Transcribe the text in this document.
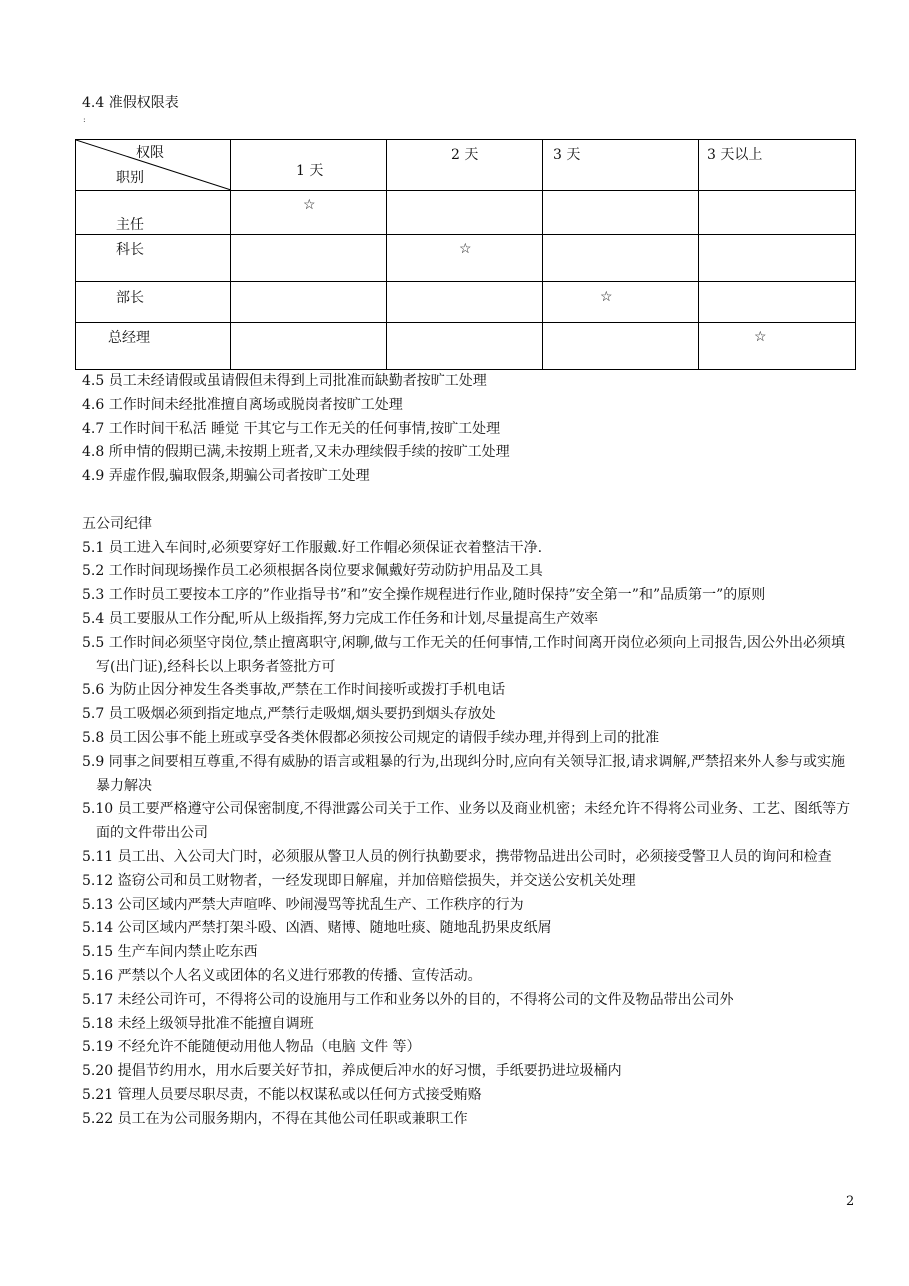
4.4 准假权限表
:
权限
职别	1 天	2 天	3 天	3 天以上

主任	☆			

科长		☆		

部长			☆	

总经理				☆
4.5 员工未经请假或虽请假但未得到上司批准而缺勤者按旷工处理
4.6 工作时间未经批准擅自离场或脱岗者按旷工处理
4.7 工作时间干私活 睡觉 干其它与工作无关的任何事情,按旷工处理
4.8 所申情的假期已满,未按期上班者,又未办理续假手续的按旷工处理
4.9 弄虚作假,骗取假条,期骗公司者按旷工处理
五公司纪律
5.1 员工进入车间时,必须要穿好工作服戴.好工作帽必须保证衣着整洁干净.
5.2 工作时间现场操作员工必须根据各岗位要求佩戴好劳动防护用品及工具
5.3 工作时员工要按本工序的”作业指导书”和”安全操作规程进行作业,随时保持”安全第一”和”品质第一”的原则
5.4 员工要服从工作分配,听从上级指挥,努力完成工作任务和计划,尽量提高生产效率
5.5 工作时间必须坚守岗位,禁止擅离职守,闲聊,做与工作无关的任何事情,工作时间离开岗位必须向上司报告,因公外出必须填写(出门证),经科长以上职务者签批方可
5.6 为防止因分神发生各类事故,严禁在工作时间接听或拨打手机电话
5.7 员工吸烟必须到指定地点,严禁行走吸烟,烟头要扔到烟头存放处
5.8 员工因公事不能上班或享受各类休假都必须按公司规定的请假手续办理,并得到上司的批准
5.9 同事之间要相互尊重,不得有威胁的语言或粗暴的行为,出现纠分时,应向有关领导汇报,请求调解,严禁招来外人参与或实施暴力解决
5.10 员工要严格遵守公司保密制度,不得泄露公司关于工作、业务以及商业机密；未经允许不得将公司业务、工艺、图纸等方面的文件带出公司
5.11 员工出、入公司大门时，必须服从警卫人员的例行执勤要求，携带物品进出公司时，必须接受警卫人员的询问和检查
5.12 盗窃公司和员工财物者，一经发现即日解雇，并加倍赔偿损失，并交送公安机关处理
5.13 公司区域内严禁大声喧哗、吵闹漫骂等扰乱生产、工作秩序的行为
5.14 公司区域内严禁打架斗殴、凶酒、赌博、随地吐痰、随地乱扔果皮纸屑
5.15 生产车间内禁止吃东西
5.16 严禁以个人名义或团体的名义进行邪教的传播、宣传活动。
5.17 未经公司许可，不得将公司的设施用与工作和业务以外的目的，不得将公司的文件及物品带出公司外
5.18 未经上级领导批准不能擅自调班
5.19 不经允许不能随便动用他人物品（电脑 文件 等）
5.20 提倡节约用水，用水后要关好节扣，养成便后冲水的好习惯，手纸要扔进垃圾桶内
5.21 管理人员要尽职尽责，不能以权谋私或以任何方式接受贿赂
5.22 员工在为公司服务期内，不得在其他公司任职或兼职工作
2
